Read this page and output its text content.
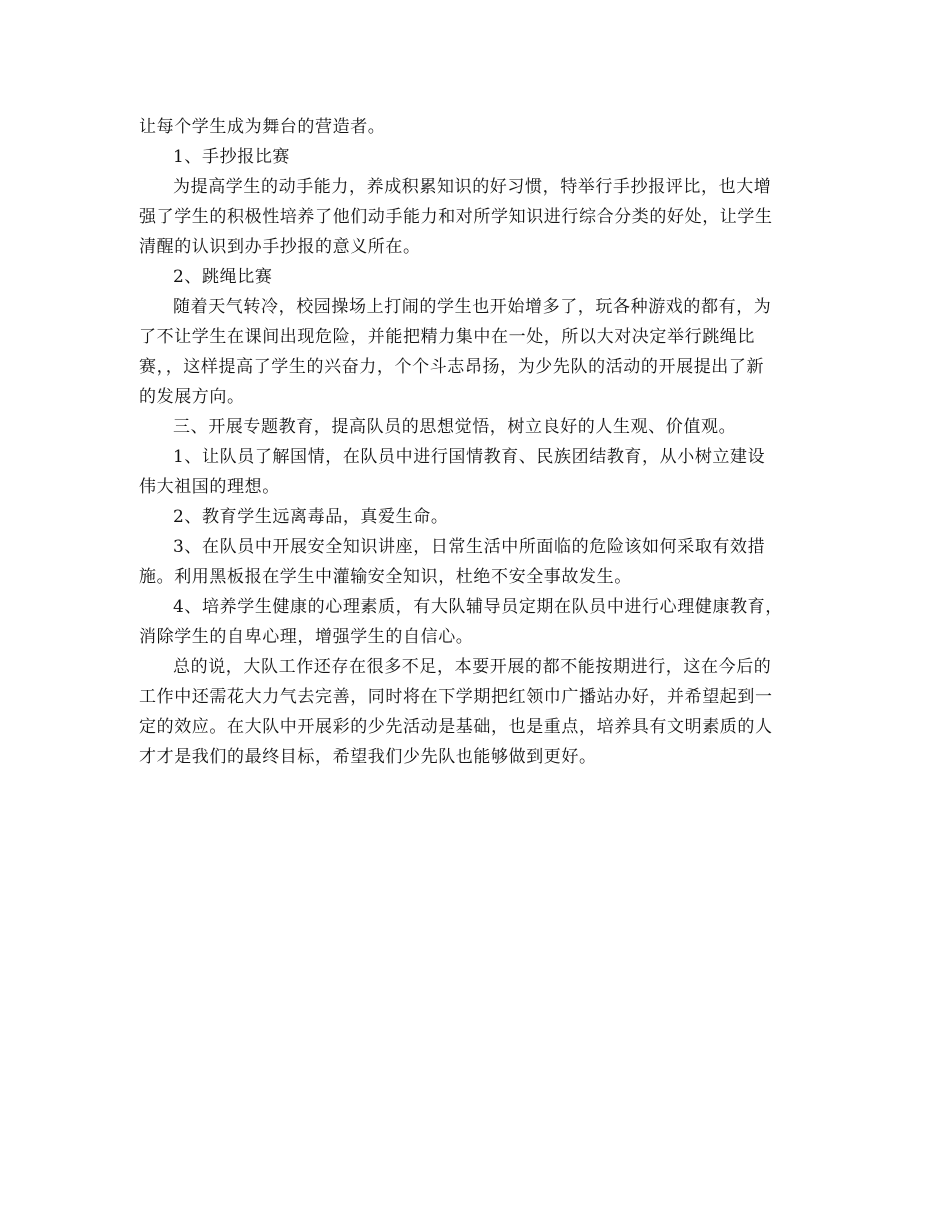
让每个学生成为舞台的营造者。
1、手抄报比赛
为提高学生的动手能力，养成积累知识的好习惯，特举行手抄报评比，也大增
强了学生的积极性培养了他们动手能力和对所学知识进行综合分类的好处，让学生
清醒的认识到办手抄报的意义所在。
2、跳绳比赛
随着天气转冷，校园操场上打闹的学生也开始增多了，玩各种游戏的都有，为
了不让学生在课间出现危险，并能把精力集中在一处，所以大对决定举行跳绳比
赛，，这样提高了学生的兴奋力，个个斗志昂扬，为少先队的活动的开展提出了新
的发展方向。
三、开展专题教育，提高队员的思想觉悟，树立良好的人生观、价值观。
1、让队员了解国情，在队员中进行国情教育、民族团结教育，从小树立建设
伟大祖国的理想。
2、教育学生远离毒品，真爱生命。
3、在队员中开展安全知识讲座，日常生活中所面临的危险该如何采取有效措
施。利用黑板报在学生中灌输安全知识，杜绝不安全事故发生。
4、培养学生健康的心理素质，有大队辅导员定期在队员中进行心理健康教育，
消除学生的自卑心理，增强学生的自信心。
总的说，大队工作还存在很多不足，本要开展的都不能按期进行，这在今后的
工作中还需花大力气去完善，同时将在下学期把红领巾广播站办好，并希望起到一
定的效应。在大队中开展彩的少先活动是基础，也是重点，培养具有文明素质的人
才才是我们的最终目标，希望我们少先队也能够做到更好。
